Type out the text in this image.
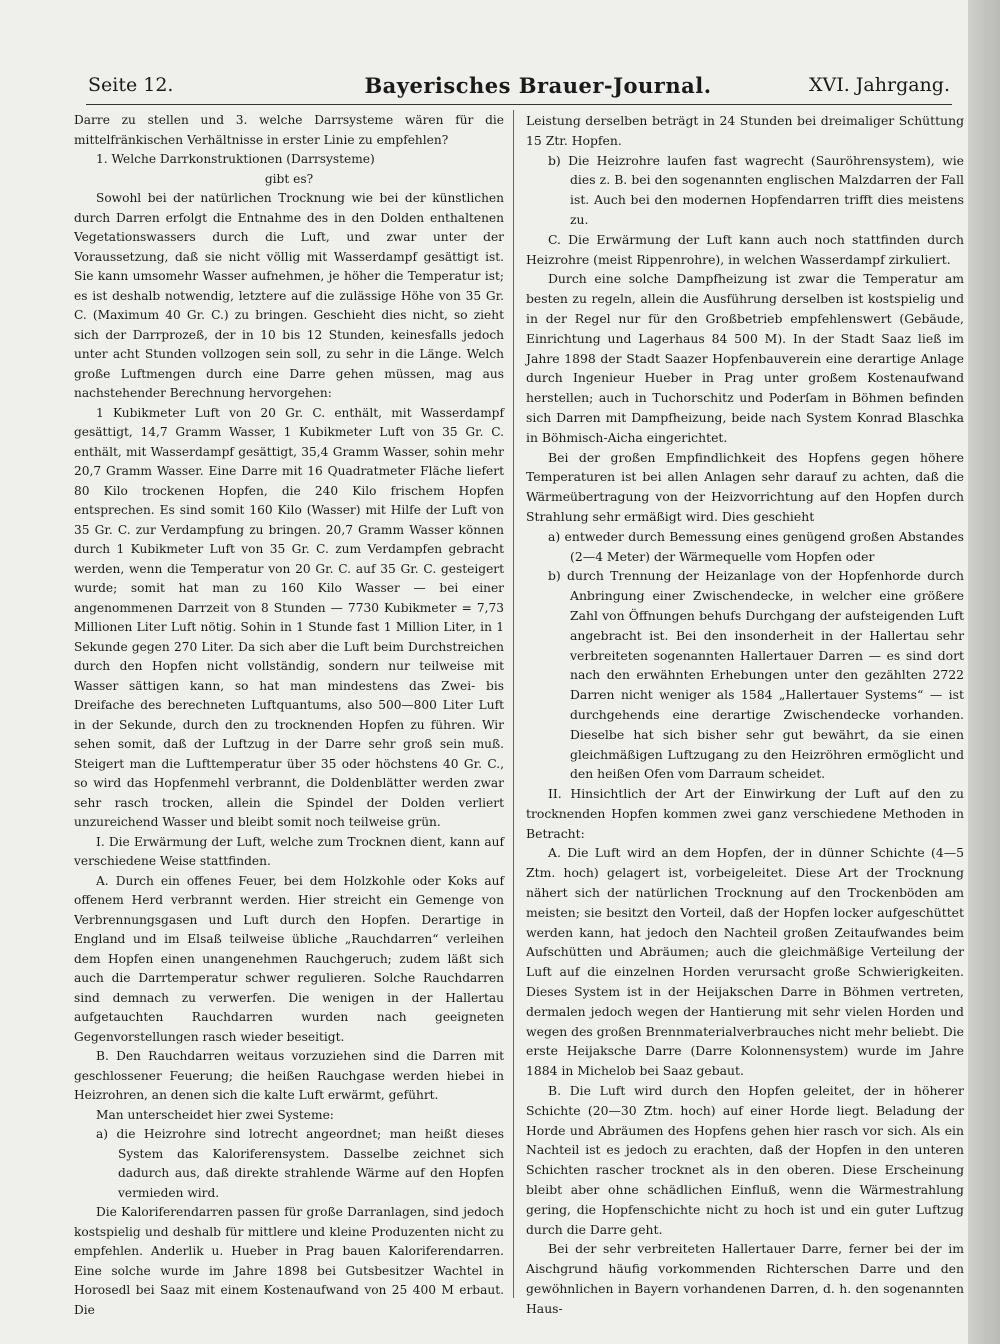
Seite 12.	Bayerisches Brauer-Journal.	XVI. Jahrgang.

Darre zu stellen und 3. welche Darrsysteme wären für die mittelfränkischen Verhältnisse in erster Linie zu empfehlen?

1. Welche Darrkonstruktionen (Darrsysteme)

gibt es?

Sowohl bei der natürlichen Trocknung wie bei der künstlichen durch Darren erfolgt die Entnahme des in den Dolden enthaltenen Vegetationswassers durch die Luft, und zwar unter der Voraussetzung, daß sie nicht völlig mit Wasserdampf gesättigt ist. Sie kann umsomehr Wasser aufnehmen, je höher die Temperatur ist; es ist deshalb notwendig, letztere auf die zulässige Höhe von 35 Gr. C. (Maximum 40 Gr. C.) zu bringen. Geschieht dies nicht, so zieht sich der Darrprozeß, der in 10 bis 12 Stunden, keinesfalls jedoch unter acht Stunden vollzogen sein soll, zu sehr in die Länge. Welch große Luftmengen durch eine Darre gehen müssen, mag aus nachstehender Berechnung hervorgehen:

1 Kubikmeter Luft von 20 Gr. C. enthält, mit Wasserdampf gesättigt, 14,7 Gramm Wasser, 1 Kubikmeter Luft von 35 Gr. C. enthält, mit Wasserdampf gesättigt, 35,4 Gramm Wasser, sohin mehr 20,7 Gramm Wasser. Eine Darre mit 16 Quadratmeter Fläche liefert 80 Kilo trockenen Hopfen, die 240 Kilo frischem Hopfen entsprechen. Es sind somit 160 Kilo (Wasser) mit Hilfe der Luft von 35 Gr. C. zur Verdampfung zu bringen. 20,7 Gramm Wasser können durch 1 Kubikmeter Luft von 35 Gr. C. zum Verdampfen gebracht werden, wenn die Temperatur von 20 Gr. C. auf 35 Gr. C. gesteigert wurde; somit hat man zu 160 Kilo Wasser — bei einer angenommenen Darrzeit von 8 Stunden — 7730 Kubikmeter = 7,73 Millionen Liter Luft nötig. Sohin in 1 Stunde fast 1 Million Liter, in 1 Sekunde gegen 270 Liter. Da sich aber die Luft beim Durchstreichen durch den Hopfen nicht vollständig, sondern nur teilweise mit Wasser sättigen kann, so hat man mindestens das Zwei- bis Dreifache des berechneten Luftquantums, also 500—800 Liter Luft in der Sekunde, durch den zu trocknenden Hopfen zu führen. Wir sehen somit, daß der Luftzug in der Darre sehr groß sein muß. Steigert man die Lufttemperatur über 35 oder höchstens 40 Gr. C., so wird das Hopfenmehl verbrannt, die Doldenblätter werden zwar sehr rasch trocken, allein die Spindel der Dolden verliert unzureichend Wasser und bleibt somit noch teilweise grün.

I. Die Erwärmung der Luft, welche zum Trocknen dient, kann auf verschiedene Weise stattfinden.

A. Durch ein offenes Feuer, bei dem Holzkohle oder Koks auf offenem Herd verbrannt werden. Hier streicht ein Gemenge von Verbrennungsgasen und Luft durch den Hopfen. Derartige in England und im Elsaß teilweise übliche „Rauchdarren“ verleihen dem Hopfen einen unangenehmen Rauchgeruch; zudem läßt sich auch die Darrtemperatur schwer regulieren. Solche Rauchdarren sind demnach zu verwerfen. Die wenigen in der Hallertau aufgetauchten Rauchdarren wurden nach geeigneten Gegenvorstellungen rasch wieder beseitigt.

B. Den Rauchdarren weitaus vorzuziehen sind die Darren mit geschlossener Feuerung; die heißen Rauchgase werden hiebei in Heizrohren, an denen sich die kalte Luft erwärmt, geführt.

Man unterscheidet hier zwei Systeme:

a) die Heizrohre sind lotrecht angeordnet; man heißt dieses System das Kaloriferensystem. Dasselbe zeichnet sich dadurch aus, daß direkte strahlende Wärme auf den Hopfen vermieden wird.

Die Kaloriferendarren passen für große Darranlagen, sind jedoch kostspielig und deshalb für mittlere und kleine Produzenten nicht zu empfehlen. Anderlik u. Hueber in Prag bauen Kaloriferendarren. Eine solche wurde im Jahre 1898 bei Gutsbesitzer Wachtel in Horosedl bei Saaz mit einem Kostenaufwand von 25 400 M erbaut. Die

Leistung derselben beträgt in 24 Stunden bei dreimaliger Schüttung 15 Ztr. Hopfen.

b) Die Heizrohre laufen fast wagrecht (Sauröhrensystem), wie dies z. B. bei den sogenannten englischen Malzdarren der Fall ist. Auch bei den modernen Hopfendarren trifft dies meistens zu.

C. Die Erwärmung der Luft kann auch noch stattfinden durch Heizrohre (meist Rippenrohre), in welchen Wasserdampf zirkuliert.

Durch eine solche Dampfheizung ist zwar die Temperatur am besten zu regeln, allein die Ausführung derselben ist kostspielig und in der Regel nur für den Großbetrieb empfehlenswert (Gebäude, Einrichtung und Lagerhaus 84 500 M). In der Stadt Saaz ließ im Jahre 1898 der Stadt Saazer Hopfenbauverein eine derartige Anlage durch Ingenieur Hueber in Prag unter großem Kostenaufwand herstellen; auch in Tuchorschitz und Poderſam in Böhmen befinden sich Darren mit Dampfheizung, beide nach System Konrad Blaschka in Böhmisch-Aicha eingerichtet.

Bei der großen Empfindlichkeit des Hopfens gegen höhere Temperaturen ist bei allen Anlagen sehr darauf zu achten, daß die Wärmeübertragung von der Heizvorrichtung auf den Hopfen durch Strahlung sehr ermäßigt wird. Dies geschieht

a) entweder durch Bemessung eines genügend großen Abstandes (2—4 Meter) der Wärmequelle vom Hopfen oder

b) durch Trennung der Heizanlage von der Hopfenhorde durch Anbringung einer Zwischendecke, in welcher eine größere Zahl von Öffnungen behufs Durchgang der aufsteigenden Luft angebracht ist. Bei den insonderheit in der Hallertau sehr verbreiteten sogenannten Hallertauer Darren — es sind dort nach den erwähnten Erhebungen unter den gezählten 2722 Darren nicht weniger als 1584 „Hallertauer Systems“ — ist durchgehends eine derartige Zwischendecke vorhanden. Dieselbe hat sich bisher sehr gut bewährt, da sie einen gleichmäßigen Luftzugang zu den Heizröhren ermöglicht und den heißen Ofen vom Darraum scheidet.

II. Hinsichtlich der Art der Einwirkung der Luft auf den zu trocknenden Hopfen kommen zwei ganz verschiedene Methoden in Betracht:

A. Die Luft wird an dem Hopfen, der in dünner Schichte (4—5 Ztm. hoch) gelagert ist, vorbeigeleitet. Diese Art der Trocknung nähert sich der natürlichen Trocknung auf den Trockenböden am meisten; sie besitzt den Vorteil, daß der Hopfen locker aufgeschüttet werden kann, hat jedoch den Nachteil großen Zeitaufwandes beim Aufschütten und Abräumen; auch die gleichmäßige Verteilung der Luft auf die einzelnen Horden verursacht große Schwierigkeiten. Dieses System ist in der Heijakschen Darre in Böhmen vertreten, dermalen jedoch wegen der Hantierung mit sehr vielen Horden und wegen des großen Brennmaterialverbrauches nicht mehr beliebt. Die erste Heijaksche Darre (Darre Kolonnensystem) wurde im Jahre 1884 in Michelob bei Saaz gebaut.

B. Die Luft wird durch den Hopfen geleitet, der in höherer Schichte (20—30 Ztm. hoch) auf einer Horde liegt. Beladung der Horde und Abräumen des Hopfens gehen hier rasch vor sich. Als ein Nachteil ist es jedoch zu erachten, daß der Hopfen in den unteren Schichten rascher trocknet als in den oberen. Diese Erscheinung bleibt aber ohne schädlichen Einfluß, wenn die Wärmestrahlung gering, die Hopfenschichte nicht zu hoch ist und ein guter Luftzug durch die Darre geht.

Bei der sehr verbreiteten Hallertauer Darre, ferner bei der im Aischgrund häufig vorkommenden Richterschen Darre und den gewöhnlichen in Bayern vorhandenen Darren, d. h. den sogenannten Haus-
